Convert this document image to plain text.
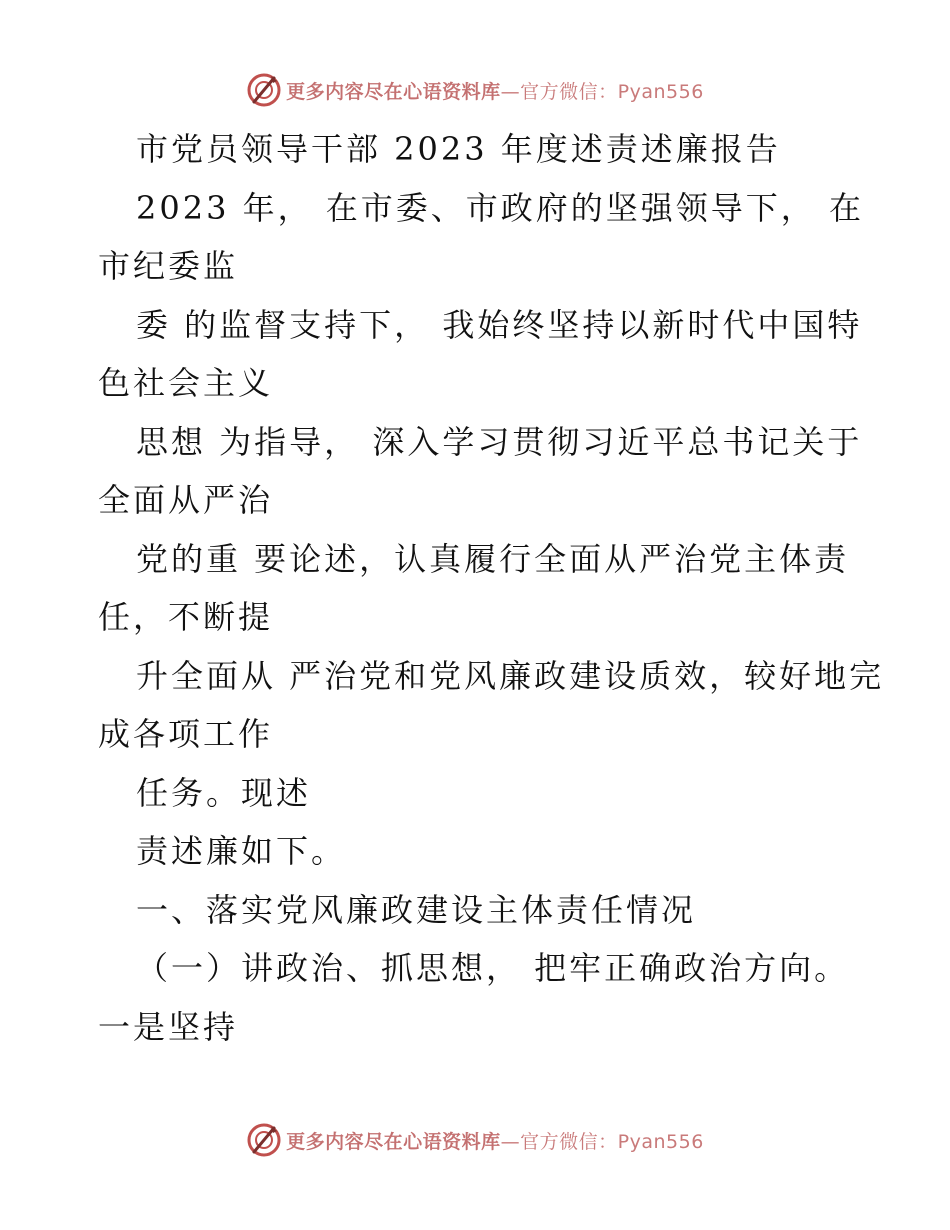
更多内容尽在心语资料库—官方微信：Pyan556
市党员领导干部 2023 年度述责述廉报告
2023 年， 在市委、市政府的坚强领导下， 在
市纪委监
委 的监督支持下， 我始终坚持以新时代中国特
色社会主义
思想 为指导， 深入学习贯彻习近平总书记关于
全面从严治
党的重 要论述，认真履行全面从严治党主体责
任，不断提
升全面从 严治党和党风廉政建设质效，较好地完
成各项工作
任务。现述
责述廉如下。
一、落实党风廉政建设主体责任情况
（一）讲政治、抓思想， 把牢正确政治方向。
一是坚持
更多内容尽在心语资料库—官方微信：Pyan556
